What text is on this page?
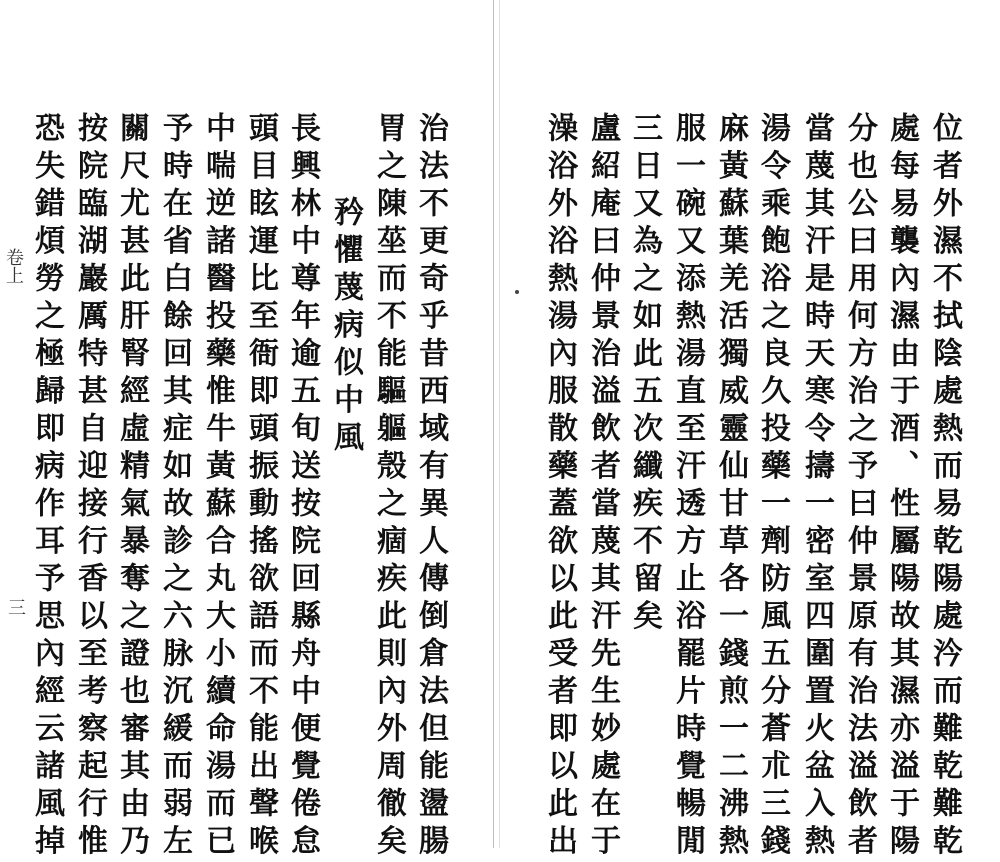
位者外濕不拭陰處熱而易乾陽處汵而難乾難乾
處每易襲內濕由于酒、性屬陽故其濕亦溢于陽
分也公曰用何方治之予曰仲景原有治法溢飲者
當蔑其汗是時天寒令擣一密室四圍置火盆入熱
湯令乘飽浴之良久投藥一劑防風五分蒼朮三錢
麻黃蘇葉羌活獨威靈仙甘草各一錢煎一二沸熱
服一碗又添熱湯直至汗透方止浴罷片時覺暢閒
三日又為之如此五次纖疾不留矣
盧紹庵曰仲景治溢飲者當蔑其汗先生妙處在于
澡浴外浴熱湯內服散藥蓋欲以此受者即以此出
治法不更奇乎昔西域有異人傳倒倉法但能盪腸
胃之陳莝而不能驅軀殼之痼疾此則內外周徹矣
矜懼蔑病似中風
長興林中尊年逾五旬送按院回縣舟中便覺倦怠
頭目眩運比至衙即頭振動搖欲語而不能出聲喉
中喘逆諸醫投藥惟牛黃蘇合丸大小續命湯而已
予時在省白餘回其症如故診之六脉沉緩而弱左
關尺尤甚此肝腎經虛精氣暴奪之證也審其由乃
按院臨湖巖厲特甚自迎接行香以至考察起行惟
恐失錯煩勞之極歸即病作耳予思內經云諸風掉
卷上
三
